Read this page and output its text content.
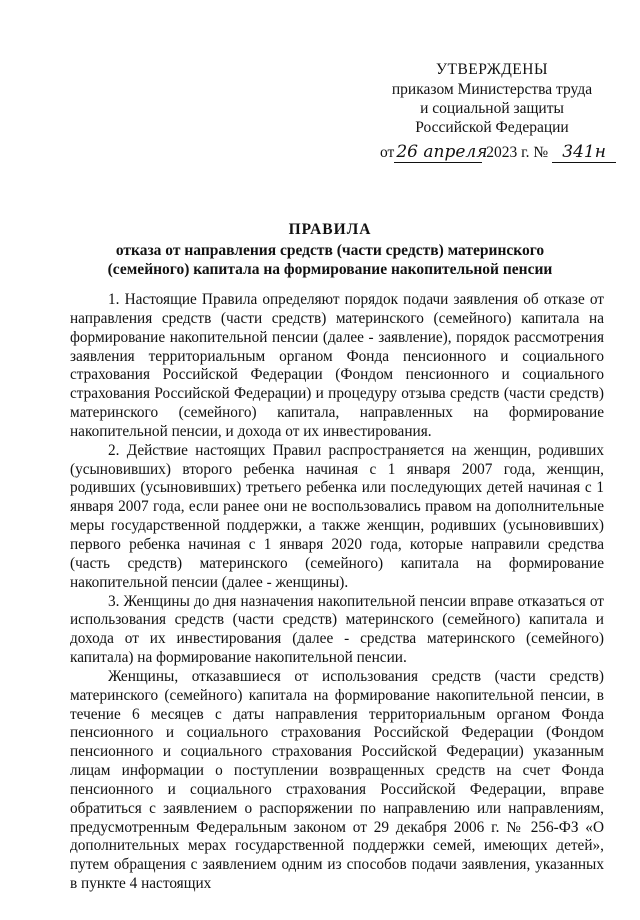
УТВЕРЖДЕНЫ
приказом Министерства труда
и социальной защиты
Российской Федерации
от 26 апреля 2023 г. № 341н
ПРАВИЛА
отказа от направления средств (части средств) материнского
(семейного) капитала на формирование накопительной пенсии

1. Настоящие Правила определяют порядок подачи заявления об отказе от направления средств (части средств) материнского (семейного) капитала на формирование накопительной пенсии (далее - заявление), порядок рассмотрения заявления территориальным органом Фонда пенсионного и социального страхования Российской Федерации (Фондом пенсионного и социального страхования Российской Федерации) и процедуру отзыва средств (части средств) материнского (семейного) капитала, направленных на формирование накопительной пенсии, и дохода от их инвестирования.

2. Действие настоящих Правил распространяется на женщин, родивших (усыновивших) второго ребенка начиная с 1 января 2007 года, женщин, родивших (усыновивших) третьего ребенка или последующих детей начиная с 1 января 2007 года, если ранее они не воспользовались правом на дополнительные меры государственной поддержки, а также женщин, родивших (усыновивших) первого ребенка начиная с 1 января 2020 года, которые направили средства (часть средств) материнского (семейного) капитала на формирование накопительной пенсии (далее - женщины).

3. Женщины до дня назначения накопительной пенсии вправе отказаться от использования средств (части средств) материнского (семейного) капитала и дохода от их инвестирования (далее - средства материнского (семейного) капитала) на формирование накопительной пенсии.

Женщины, отказавшиеся от использования средств (части средств) материнского (семейного) капитала на формирование накопительной пенсии, в течение 6 месяцев с даты направления территориальным органом Фонда пенсионного и социального страхования Российской Федерации (Фондом пенсионного и социального страхования Российской Федерации) указанным лицам информации о поступлении возвращенных средств на счет Фонда пенсионного и социального страхования Российской Федерации, вправе обратиться с заявлением о распоряжении по направлению или направлениям, предусмотренным Федеральным законом от 29 декабря 2006 г. № 256-ФЗ «О дополнительных мерах государственной поддержки семей, имеющих детей», путем обращения с заявлением одним из способов подачи заявления, указанных в пункте 4 настоящих
